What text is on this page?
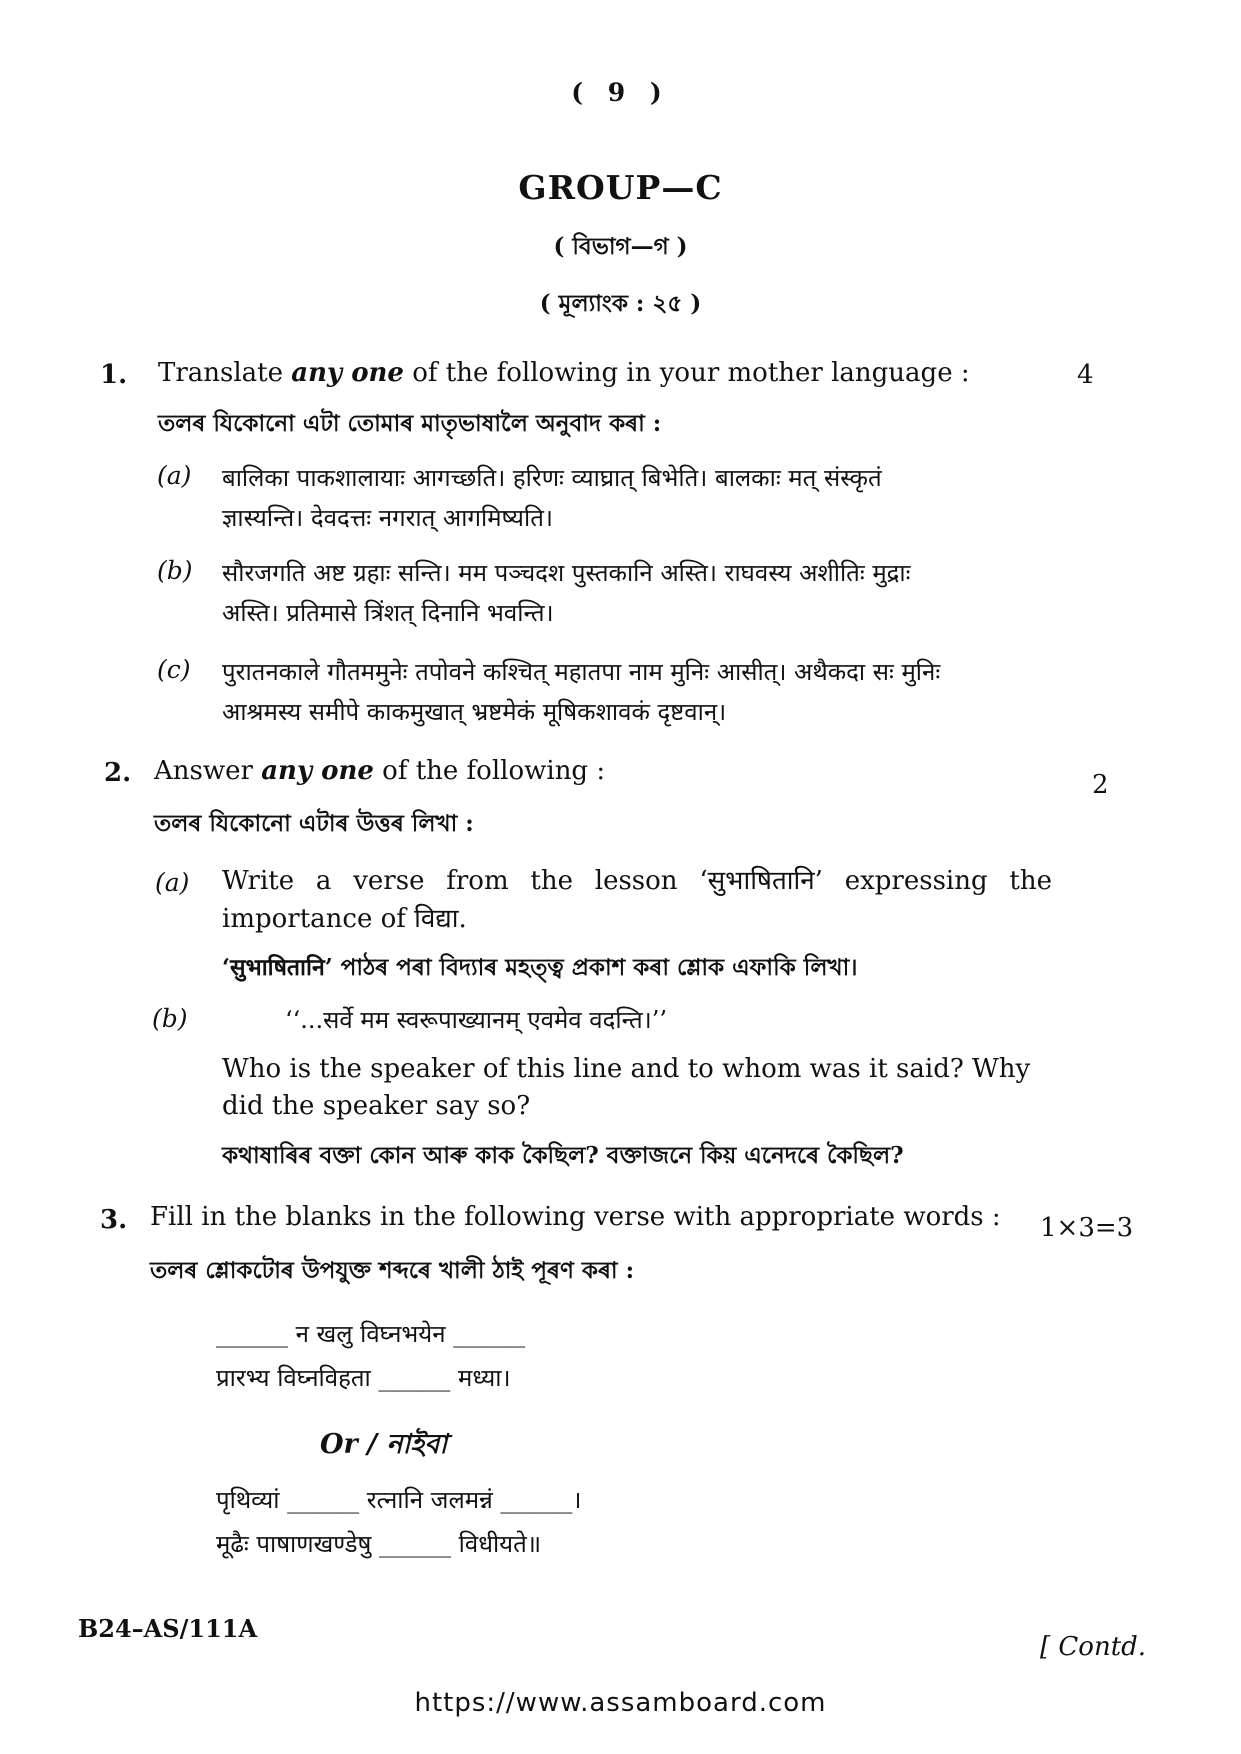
( 9 )
GROUP—C
( বিভাগ—গ )
( মূল্যাংক : ২৫ )
1. Translate any one of the following in your mother language :	4
তলৰ যিকোনো এটা তোমাৰ মাতৃভাষালৈ অনুবাদ কৰা :
(a) बालिका पाकशालायाः आगच्छति। हरिणः व्याघ्रात् बिभेति। बालकाः मत् संस्कृतं
ज्ञास्यन्ति। देवदत्तः नगरात् आगमिष्यति।
(b) सौरजगति अष्ट ग्रहाः सन्ति। मम पञ्चदश पुस्तकानि अस्ति। राघवस्य अशीतिः मुद्राः
अस्ति। प्रतिमासे त्रिंशत् दिनानि भवन्ति।
(c) पुरातनकाले गौतममुनेः तपोवने कश्चित् महातपा नाम मुनिः आसीत्। अथैकदा सः मुनिः
आश्रमस्य समीपे काकमुखात् भ्रष्टमेकं मूषिकशावकं दृष्टवान्।
2. Answer any one of the following :	2
তলৰ যিকোনো এটাৰ উত্তৰ লিখা :
(a) Write a verse from the lesson ‘सुभाषितानि’ expressing the
importance of विद्या.
‘सुभाषितानि’ পাঠৰ পৰা বিদ্যাৰ মহত্ত্ব প্ৰকাশ কৰা শ্লোক এফাকি লিখা।
(b)	‘‘...सर्वे मम स्वरूपाख्यानम् एवमेव वदन्ति।’’
Who is the speaker of this line and to whom was it said? Why
did the speaker say so?
কথাষাৰিৰ বক্তা কোন আৰু কাক কৈছিল? বক্তাজনে কিয় এনেদৰে কৈছিল?
3. Fill in the blanks in the following verse with appropriate words : 1×3=3
তলৰ শ্লোকটোৰ উপযুক্ত শব্দৰে খালী ঠাই পূৰণ কৰা :
______ न खलु विघ्नभयेन ______
प्रारभ्य विघ्नविहता ______ मध्या।
Or / নাইবা
पृथिव्यां ______ रत्नानि जलमन्नं ______।
मूढैः पाषाणखण्डेषु ______ विधीयते॥
B24–AS/111A
[ Contd.
https://www.assamboard.com
